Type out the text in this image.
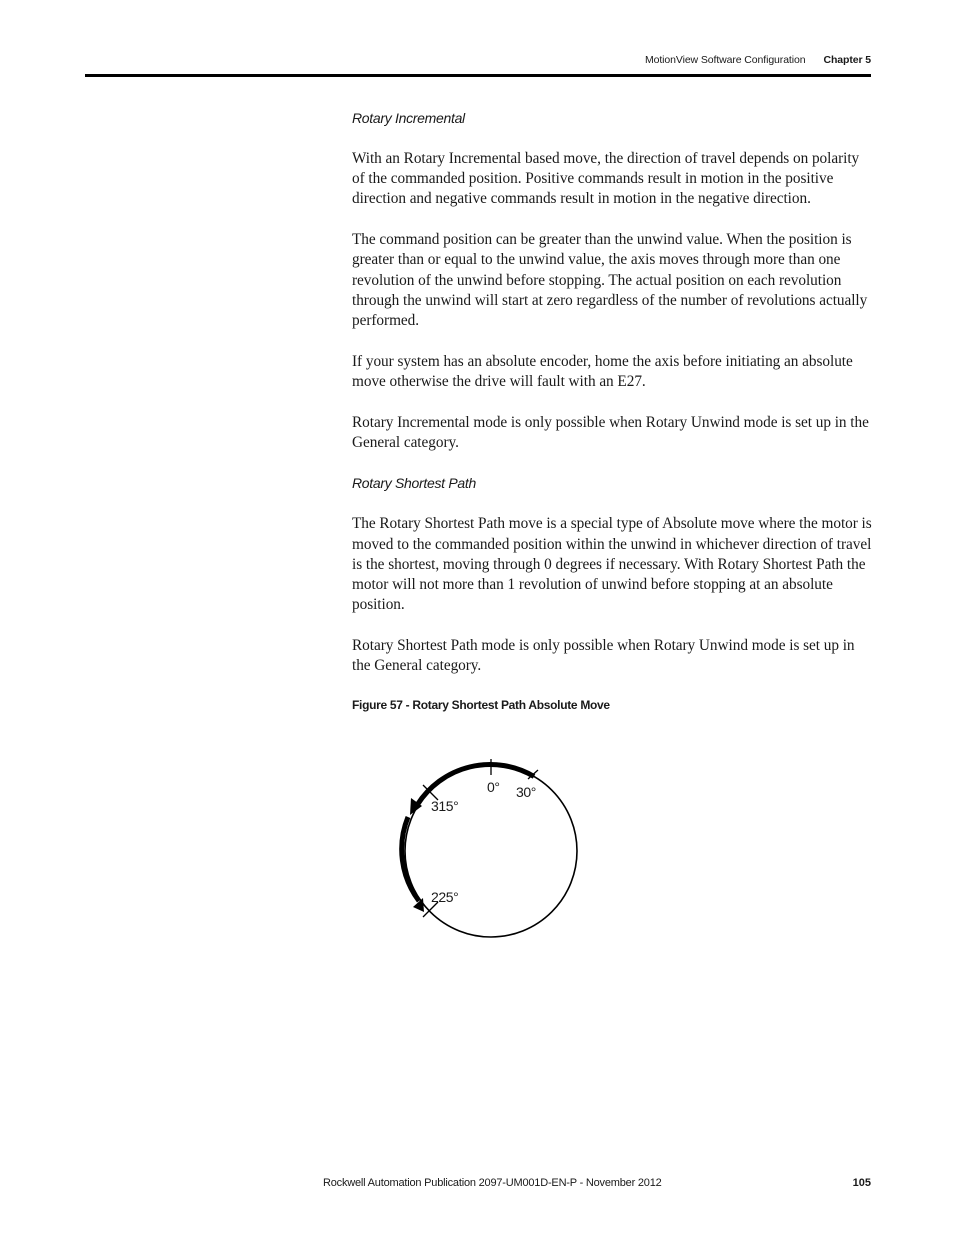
MotionView Software Configuration Chapter 5

Rotary Incremental

With an Rotary Incremental based move, the direction of travel depends on polarity of the commanded position. Positive commands result in motion in the positive direction and negative commands result in motion in the negative direction.

The command position can be greater than the unwind value. When the position is greater than or equal to the unwind value, the axis moves through more than one revolution of the unwind before stopping. The actual position on each revolution through the unwind will start at zero regardless of the number of revolutions actually performed.

If your system has an absolute encoder, home the axis before initiating an absolute move otherwise the drive will fault with an E27.

Rotary Incremental mode is only possible when Rotary Unwind mode is set up in the General category.

Rotary Shortest Path

The Rotary Shortest Path move is a special type of Absolute move where the motor is moved to the commanded position within the unwind in whichever direction of travel is the shortest, moving through 0 degrees if necessary. With Rotary Shortest Path the motor will not more than 1 revolution of unwind before stopping at an absolute position.

Rotary Shortest Path mode is only possible when Rotary Unwind mode is set up in the General category.

Figure 57 - Rotary Shortest Path Absolute Move

0° 30°
315°
225°
Rockwell Automation Publication 2097-UM001D-EN-P - November 2012	105
